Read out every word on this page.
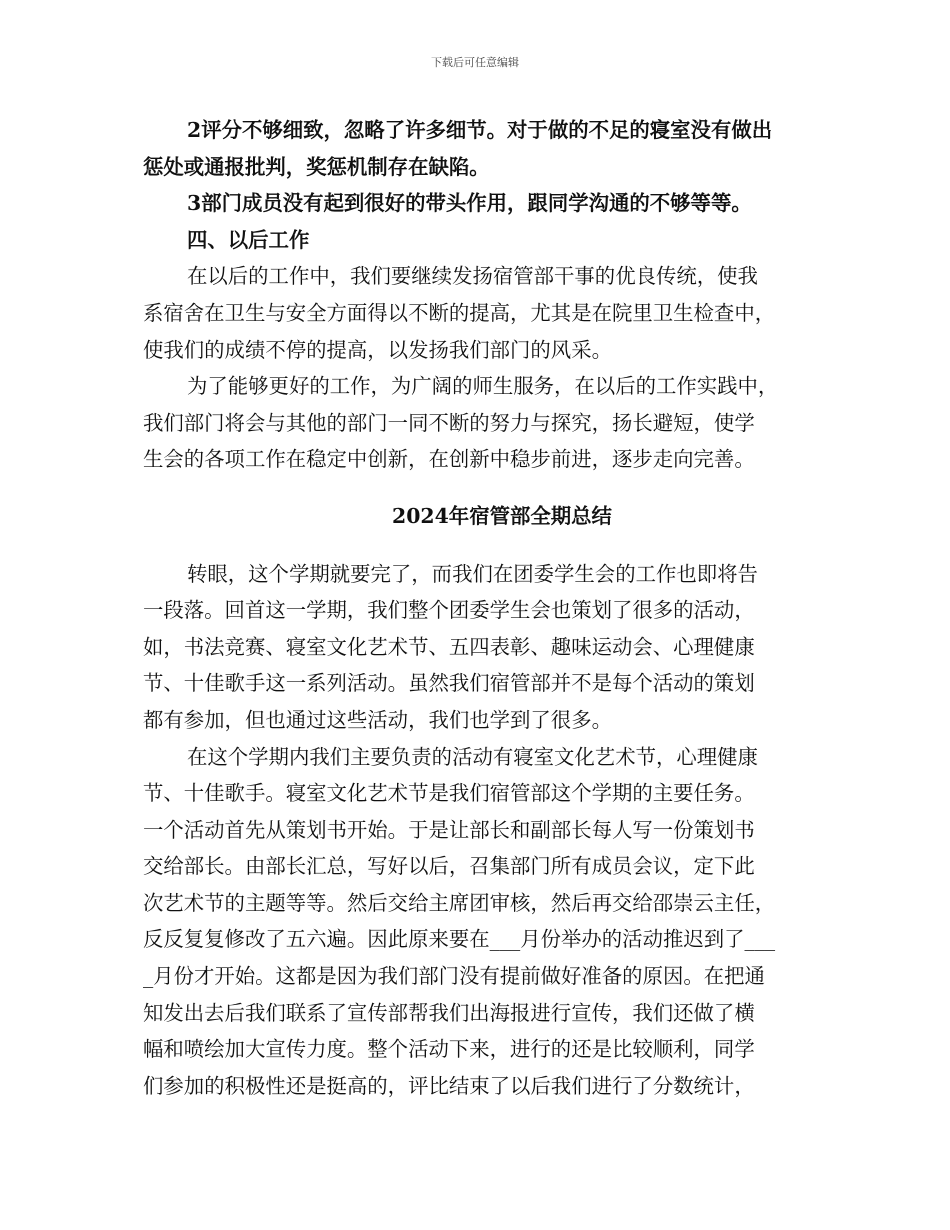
下载后可任意编辑
2评分不够细致，忽略了许多细节。对于做的不足的寝室没有做出
惩处或通报批判，奖惩机制存在缺陷。
3部门成员没有起到很好的带头作用，跟同学沟通的不够等等。
四、以后工作
在以后的工作中，我们要继续发扬宿管部干事的优良传统，使我
系宿舍在卫生与安全方面得以不断的提高，尤其是在院里卫生检查中，
使我们的成绩不停的提高，以发扬我们部门的风采。
为了能够更好的工作，为广阔的师生服务，在以后的工作实践中，
我们部门将会与其他的部门一同不断的努力与探究，扬长避短，使学
生会的各项工作在稳定中创新，在创新中稳步前进，逐步走向完善。
2024年宿管部全期总结
转眼，这个学期就要完了，而我们在团委学生会的工作也即将告
一段落。回首这一学期，我们整个团委学生会也策划了很多的活动，
如，书法竞赛、寝室文化艺术节、五四表彰、趣味运动会、心理健康
节、十佳歌手这一系列活动。虽然我们宿管部并不是每个活动的策划
都有参加，但也通过这些活动，我们也学到了很多。
在这个学期内我们主要负责的活动有寝室文化艺术节，心理健康
节、十佳歌手。寝室文化艺术节是我们宿管部这个学期的主要任务。
一个活动首先从策划书开始。于是让部长和副部长每人写一份策划书
交给部长。由部长汇总，写好以后，召集部门所有成员会议，定下此
次艺术节的主题等等。然后交给主席团审核，然后再交给邵崇云主任，
反反复复修改了五六遍。因此原来要在___月份举办的活动推迟到了___
_月份才开始。这都是因为我们部门没有提前做好准备的原因。在把通
知发出去后我们联系了宣传部帮我们出海报进行宣传，我们还做了横
幅和喷绘加大宣传力度。整个活动下来，进行的还是比较顺利，同学
们参加的积极性还是挺高的，评比结束了以后我们进行了分数统计，
